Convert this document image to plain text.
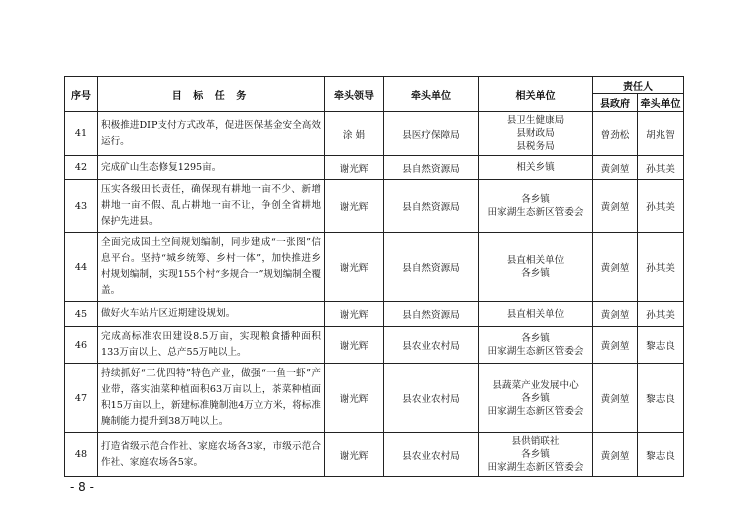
序号	目 标 任 务	牵头领导	牵头单位	相关单位	责任人	
					县政府	牵头单位
41	积极推进DIP支付方式改革，促进医保基金安全高效运行。	涂 娟	县医疗保障局	县卫生健康局
县财政局
县税务局	曾劲松	胡兆智
42	完成矿山生态修复1295亩。	谢光辉	县自然资源局	相关乡镇	黄剑堃	孙其美
43	压实各级田长责任，确保现有耕地一亩不少、新增耕地一亩不假、乱占耕地一亩不让，争创全省耕地保护先进县。	谢光辉	县自然资源局	各乡镇
田家湖生态新区管委会	黄剑堃	孙其美
44	全面完成国土空间规划编制，同步建成“一张图”信息平台。坚持“城乡统筹、乡村一体”，加快推进乡村规划编制，实现155个村“多规合一”规划编制全覆盖。	谢光辉	县自然资源局	县直相关单位
各乡镇	黄剑堃	孙其美
45	做好火车站片区近期建设规划。	谢光辉	县自然资源局	县直相关单位	黄剑堃	孙其美
46	完成高标准农田建设8.5万亩，实现粮食播种面积133万亩以上、总产55万吨以上。	谢光辉	县农业农村局	各乡镇
田家湖生态新区管委会	黄剑堃	黎志良
47	持续抓好“二优四特”特色产业，做强“一鱼一虾”产业带，落实油菜种植面积63万亩以上，茶菜种植面积15万亩以上，新建标准腌制池4万立方米，将标准腌制能力提升到38万吨以上。	谢光辉	县农业农村局	县蔬菜产业发展中心
各乡镇
田家湖生态新区管委会	黄剑堃	黎志良
48	打造省级示范合作社、家庭农场各3家，市级示范合作社、家庭农场各5家。	谢光辉	县农业农村局	县供销联社
各乡镇
田家湖生态新区管委会	黄剑堃	黎志良
- 8 -
